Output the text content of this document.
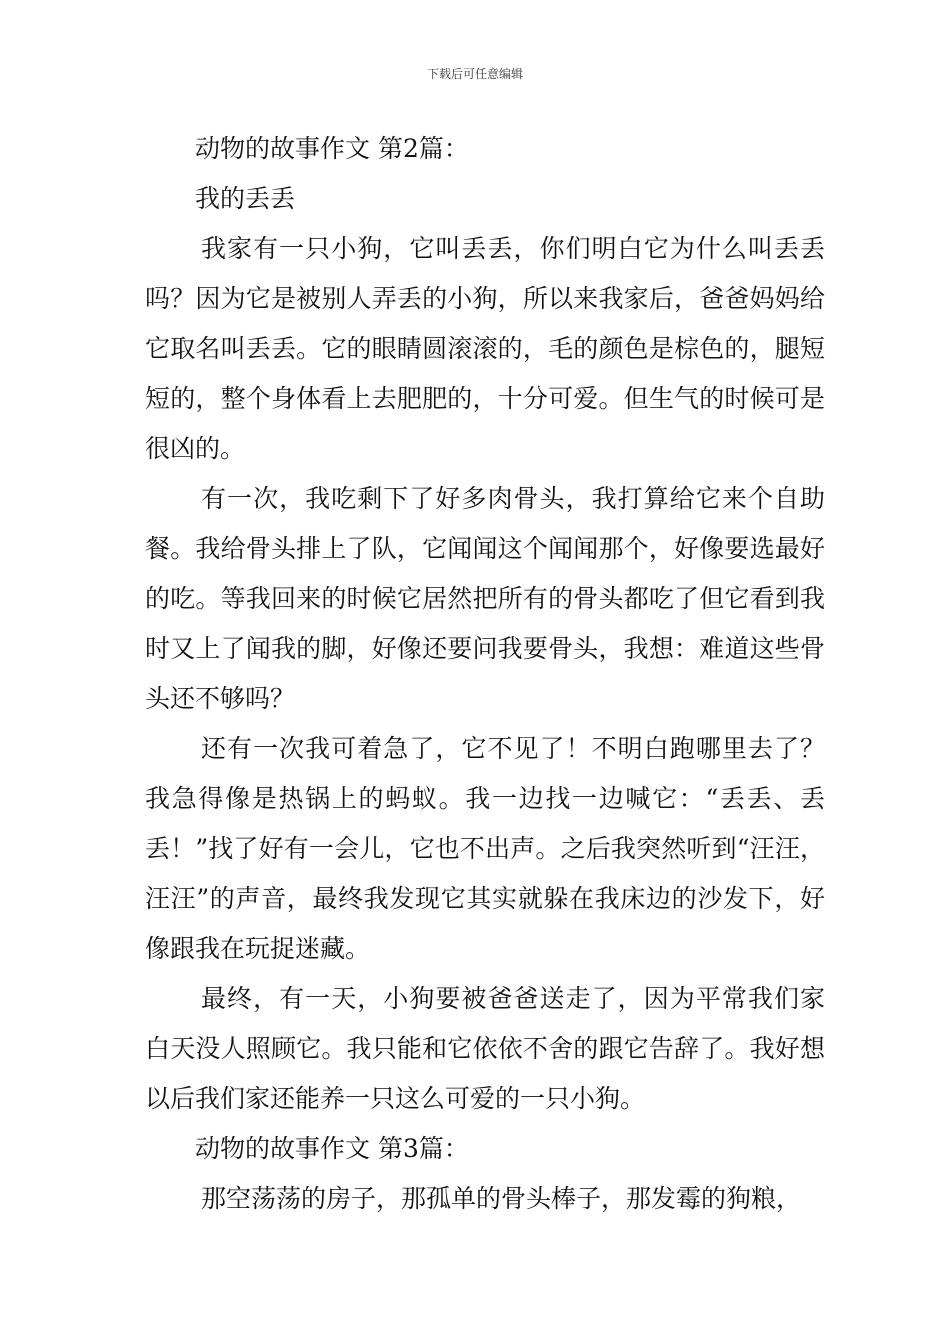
下载后可任意编辑

动物的故事作文 第2篇：

我的丢丢

我家有一只小狗，它叫丢丢，你们明白它为什么叫丢丢吗？因为它是被别人弄丢的小狗，所以来我家后，爸爸妈妈给它取名叫丢丢。它的眼睛圆滚滚的，毛的颜色是棕色的，腿短短的，整个身体看上去肥肥的，十分可爱。但生气的时候可是很凶的。

有一次，我吃剩下了好多肉骨头，我打算给它来个自助餐。我给骨头排上了队，它闻闻这个闻闻那个，好像要选最好的吃。等我回来的时候它居然把所有的骨头都吃了但它看到我时又上了闻我的脚，好像还要问我要骨头，我想：难道这些骨头还不够吗？

还有一次我可着急了，它不见了！不明白跑哪里去了？我急得像是热锅上的蚂蚁。我一边找一边喊它：“丢丢、丢丢！”找了好有一会儿，它也不出声。之后我突然听到“汪汪，汪汪”的声音，最终我发现它其实就躲在我床边的沙发下，好像跟我在玩捉迷藏。

最终，有一天，小狗要被爸爸送走了，因为平常我们家白天没人照顾它。我只能和它依依不舍的跟它告辞了。我好想以后我们家还能养一只这么可爱的一只小狗。

动物的故事作文 第3篇：

那空荡荡的房子，那孤单的骨头棒子，那发霉的狗粮，
